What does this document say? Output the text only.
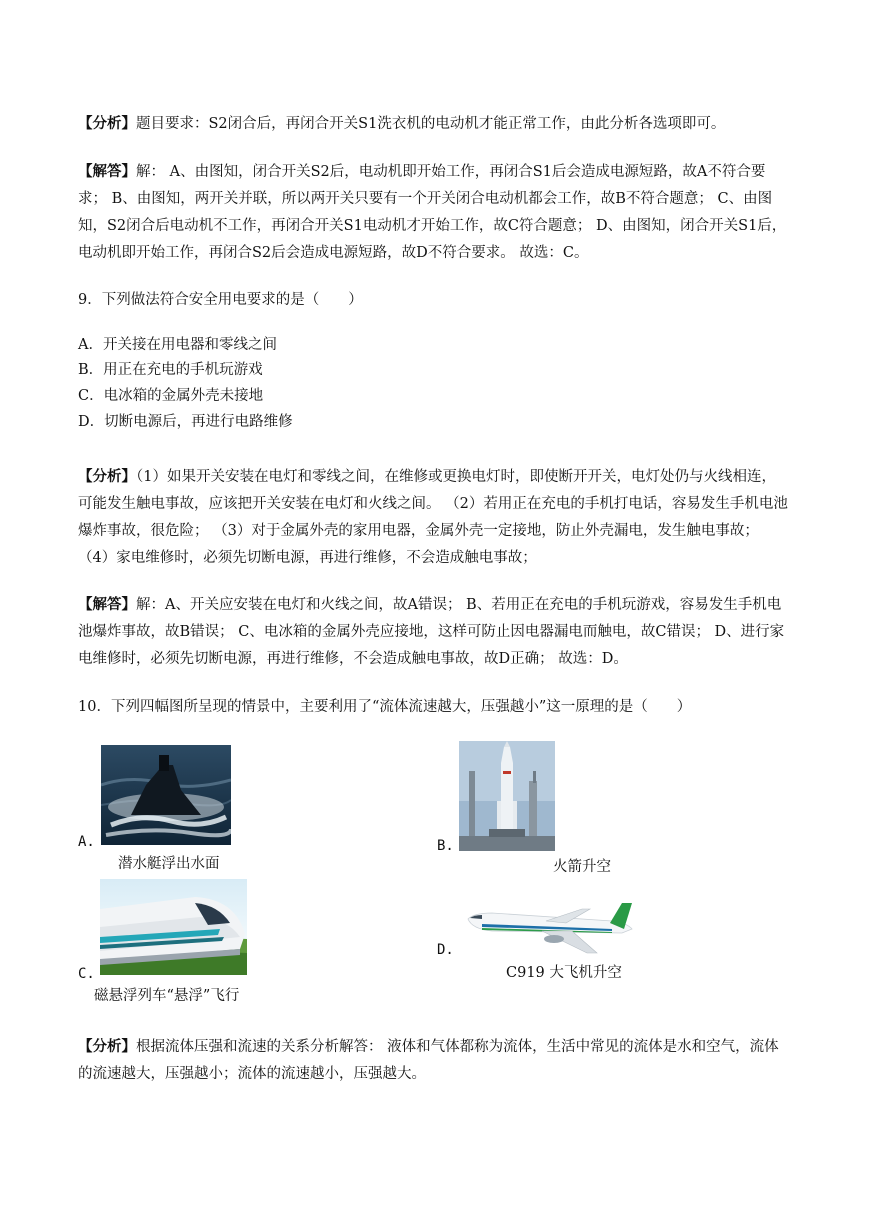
【分析】题目要求：S2闭合后，再闭合开关S1洗衣机的电动机才能正常工作，由此分析各选项即可。
【解答】解： A、由图知，闭合开关S2后，电动机即开始工作，再闭合S1后会造成电源短路，故A不符合要求； B、由图知，两开关并联，所以两开关只要有一个开关闭合电动机都会工作，故B不符合题意； C、由图知，S2闭合后电动机不工作，再闭合开关S1电动机才开始工作，故C符合题意； D、由图知，闭合开关S1后，电动机即开始工作，再闭合S2后会造成电源短路，故D不符合要求。 故选：C。
9．下列做法符合安全用电要求的是（　　）
A．开关接在用电器和零线之间
B．用正在充电的手机玩游戏
C．电冰箱的金属外壳未接地
D．切断电源后，再进行电路维修
【分析】（1）如果开关安装在电灯和零线之间，在维修或更换电灯时，即使断开开关，电灯处仍与火线相连，可能发生触电事故，应该把开关安装在电灯和火线之间。 （2）若用正在充电的手机打电话，容易发生手机电池爆炸事故，很危险； （3）对于金属外壳的家用电器，金属外壳一定接地，防止外壳漏电，发生触电事故； （4）家电维修时，必须先切断电源，再进行维修，不会造成触电事故；
【解答】解：A、开关应安装在电灯和火线之间，故A错误； B、若用正在充电的手机玩游戏，容易发生手机电池爆炸事故，故B错误； C、电冰箱的金属外壳应接地，这样可防止因电器漏电而触电，故C错误； D、进行家电维修时，必须先切断电源，再进行维修，不会造成触电事故，故D正确； 故选：D。
10．下列四幅图所呈现的情景中，主要利用了“流体流速越大，压强越小”这一原理的是（　　）
A.
潜水艇浮出水面
B.
火箭升空
C.
磁悬浮列车“悬浮”飞行
D.
C919 大飞机升空
【分析】根据流体压强和流速的关系分析解答： 液体和气体都称为流体，生活中常见的流体是水和空气，流体的流速越大，压强越小；流体的流速越小，压强越大。
